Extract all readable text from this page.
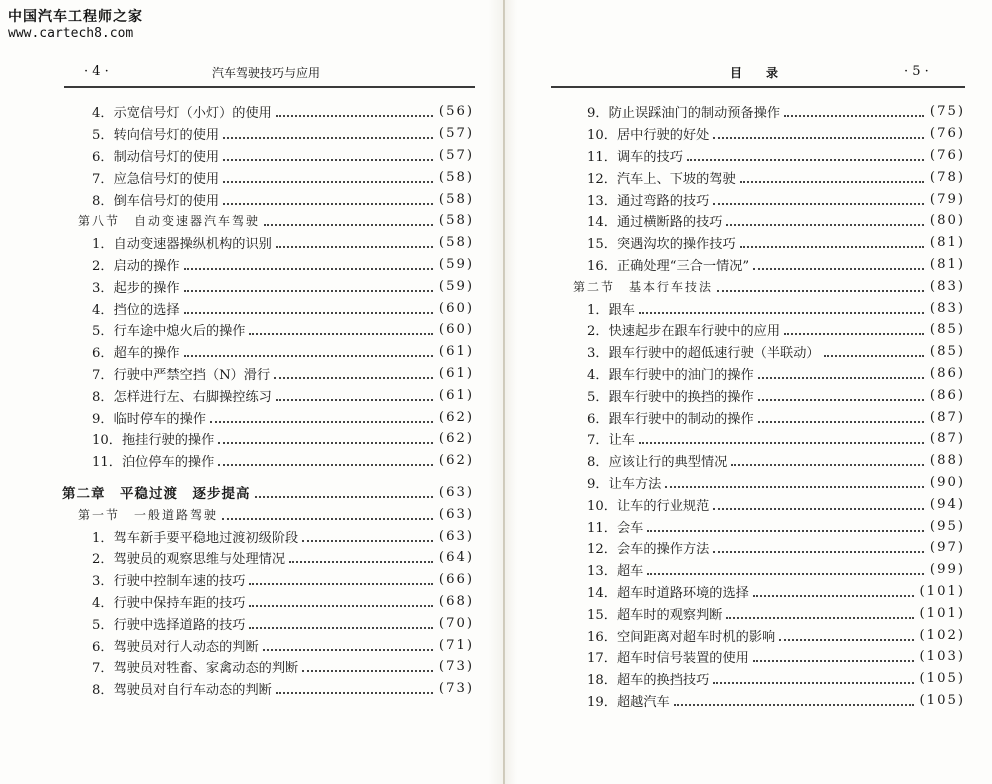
中国汽车工程师之家
www.cartech8.com
· 4 ·	汽车驾驶技巧与应用
4．示宽信号灯（小灯）的使用	(56)
5．转向信号灯的使用	(57)
6．制动信号灯的使用	(57)
7．应急信号灯的使用	(58)
8．倒车信号灯的使用	(58)
第八节　自动变速器汽车驾驶	(58)
1．自动变速器操纵机构的识别	(58)
2．启动的操作	(59)
3．起步的操作	(59)
4．挡位的选择	(60)
5．行车途中熄火后的操作	(60)
6．超车的操作	(61)
7．行驶中严禁空挡（N）滑行	(61)
8．怎样进行左、右脚操控练习	(61)
9．临时停车的操作	(62)
10．拖挂行驶的操作	(62)
11．泊位停车的操作	(62)
第二章　平稳过渡　逐步提高	(63)
第一节　一般道路驾驶	(63)
1．驾车新手要平稳地过渡初级阶段	(63)
2．驾驶员的观察思维与处理情况	(64)
3．行驶中控制车速的技巧	(66)
4．行驶中保持车距的技巧	(68)
5．行驶中选择道路的技巧	(70)
6．驾驶员对行人动态的判断	(71)
7．驾驶员对牲畜、家禽动态的判断	(73)
8．驾驶员对自行车动态的判断	(73)
目　　录	· 5 ·
9．防止误踩油门的制动预备操作	(75)
10．居中行驶的好处	(76)
11．调车的技巧	(76)
12．汽车上、下坡的驾驶	(78)
13．通过弯路的技巧	(79)
14．通过横断路的技巧	(80)
15．突遇沟坎的操作技巧	(81)
16．正确处理“三合一情况”	(81)
第二节　基本行车技法	(83)
1．跟车	(83)
2．快速起步在跟车行驶中的应用	(85)
3．跟车行驶中的超低速行驶（半联动）	(85)
4．跟车行驶中的油门的操作	(86)
5．跟车行驶中的换挡的操作	(86)
6．跟车行驶中的制动的操作	(87)
7．让车	(87)
8．应该让行的典型情况	(88)
9．让车方法	(90)
10．让车的行业规范	(94)
11．会车	(95)
12．会车的操作方法	(97)
13．超车	(99)
14．超车时道路环境的选择	(101)
15．超车时的观察判断	(101)
16．空间距离对超车时机的影响	(102)
17．超车时信号装置的使用	(103)
18．超车的换挡技巧	(105)
19．超越汽车	(105)
